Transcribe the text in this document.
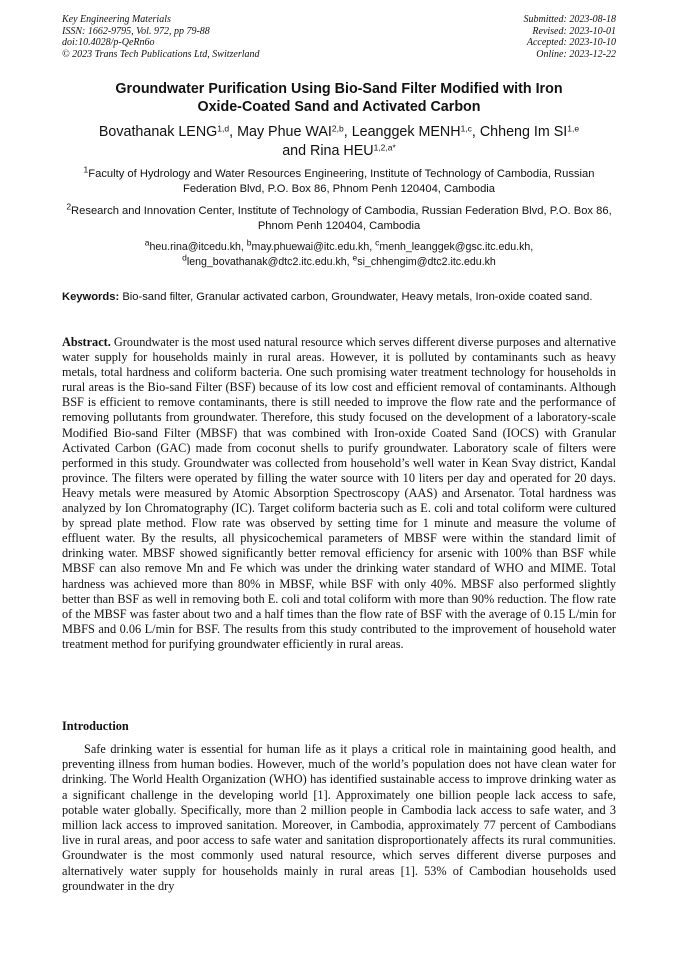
Key Engineering Materials
ISSN: 1662-9795, Vol. 972, pp 79-88
doi:10.4028/p-QeRn6o
© 2023 Trans Tech Publications Ltd, Switzerland
Submitted: 2023-08-18
Revised: 2023-10-01
Accepted: 2023-10-10
Online: 2023-12-22
Groundwater Purification Using Bio-Sand Filter Modified with Iron
Oxide-Coated Sand and Activated Carbon
Bovathanak LENG$^{1,d}$, May Phue WAI$^{2,b}$, Leanggek MENH$^{1,c}$, Chheng Im SI$^{1,e}$
and Rina $HEU^{1,2,a*}$
$^1$Faculty of Hydrology and Water Resources Engineering, Institute of Technology of Cambodia, Russian Federation Blvd, P.O. Box 86, Phnom Penh 120404, Cambodia
$^2$Research and Innovation Center, Institute of Technology of Cambodia, Russian Federation Blvd, P.O. Box 86, Phnom Penh 120404, Cambodia
$^a$heu.rina@itcedu.kh, $^b$may.phuewai@itc.edu.kh, $^c$menh_leanggek@gsc.itc.edu.kh,
$^d$leng_bovathanak@dtc2.itc.edu.kh, $^e$si_chhengim@dtc2.itc.edu.kh
Keywords: Bio-sand filter, Granular activated carbon, Groundwater, Heavy metals, Iron-oxide coated sand.
Abstract. Groundwater is the most used natural resource which serves different diverse purposes and alternative water supply for households mainly in rural areas. However, it is polluted by contaminants such as heavy metals, total hardness and coliform bacteria. One such promising water treatment technology for households in rural areas is the Bio-sand Filter (BSF) because of its low cost and efficient removal of contaminants. Although BSF is efficient to remove contaminants, there is still needed to improve the flow rate and the performance of removing pollutants from groundwater. Therefore, this study focused on the development of a laboratory-scale Modified Bio-sand Filter (MBSF) that was combined with Iron-oxide Coated Sand (IOCS) with Granular Activated Carbon (GAC) made from coconut shells to purify groundwater. Laboratory scale of filters were performed in this study. Groundwater was collected from household’s well water in Kean Svay district, Kandal province. The filters were operated by filling the water source with 10 liters per day and operated for 20 days. Heavy metals were measured by Atomic Absorption Spectroscopy (AAS) and Arsenator. Total hardness was analyzed by Ion Chromatography (IC). Target coliform bacteria such as E. coli and total coliform were cultured by spread plate method. Flow rate was observed by setting time for 1 minute and measure the volume of effluent water. By the results, all physicochemical parameters of MBSF were within the standard limit of drinking water. MBSF showed significantly better removal efficiency for arsenic with 100% than BSF while MBSF can also remove Mn and Fe which was under the drinking water standard of WHO and MIME. Total hardness was achieved more than 80% in MBSF, while BSF with only 40%. MBSF also performed slightly better than BSF as well in removing both E. coli and total coliform with more than 90% reduction. The flow rate of the MBSF was faster about two and a half times than the flow rate of BSF with the average of 0.15 L/min for MBFS and 0.06 L/min for BSF. The results from this study contributed to the improvement of household water treatment method for purifying groundwater efficiently in rural areas.
Introduction
Safe drinking water is essential for human life as it plays a critical role in maintaining good health, and preventing illness from human bodies. However, much of the world’s population does not have clean water for drinking. The World Health Organization (WHO) has identified sustainable access to improve drinking water as a significant challenge in the developing world [1]. Approximately one billion people lack access to safe, potable water globally. Specifically, more than 2 million people in Cambodia lack access to safe water, and 3 million lack access to improved sanitation. Moreover, in Cambodia, approximately 77 percent of Cambodians live in rural areas, and poor access to safe water and sanitation disproportionately affects its rural communities. Groundwater is the most commonly used natural resource, which serves different diverse purposes and alternatively water supply for households mainly in rural areas [1]. 53% of Cambodian households used groundwater in the dry
